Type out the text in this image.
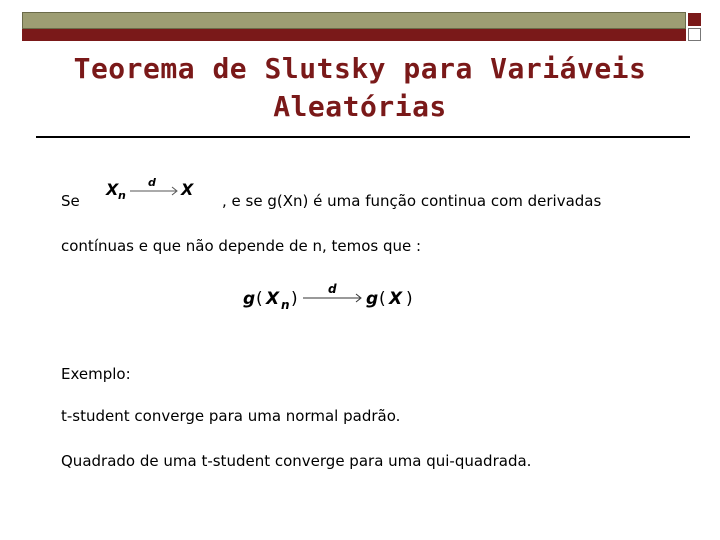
Teorema de Slutsky para Variáveis
Aleatórias
Se
X n
d X
, e se g(Xn) é uma função continua com derivadas
contínuas e que não depende de n, temos que :
g ( X n )	d g ( X )
Exemplo:
t-student converge para uma normal padrão.
Quadrado de uma t-student converge para uma qui-quadrada.
